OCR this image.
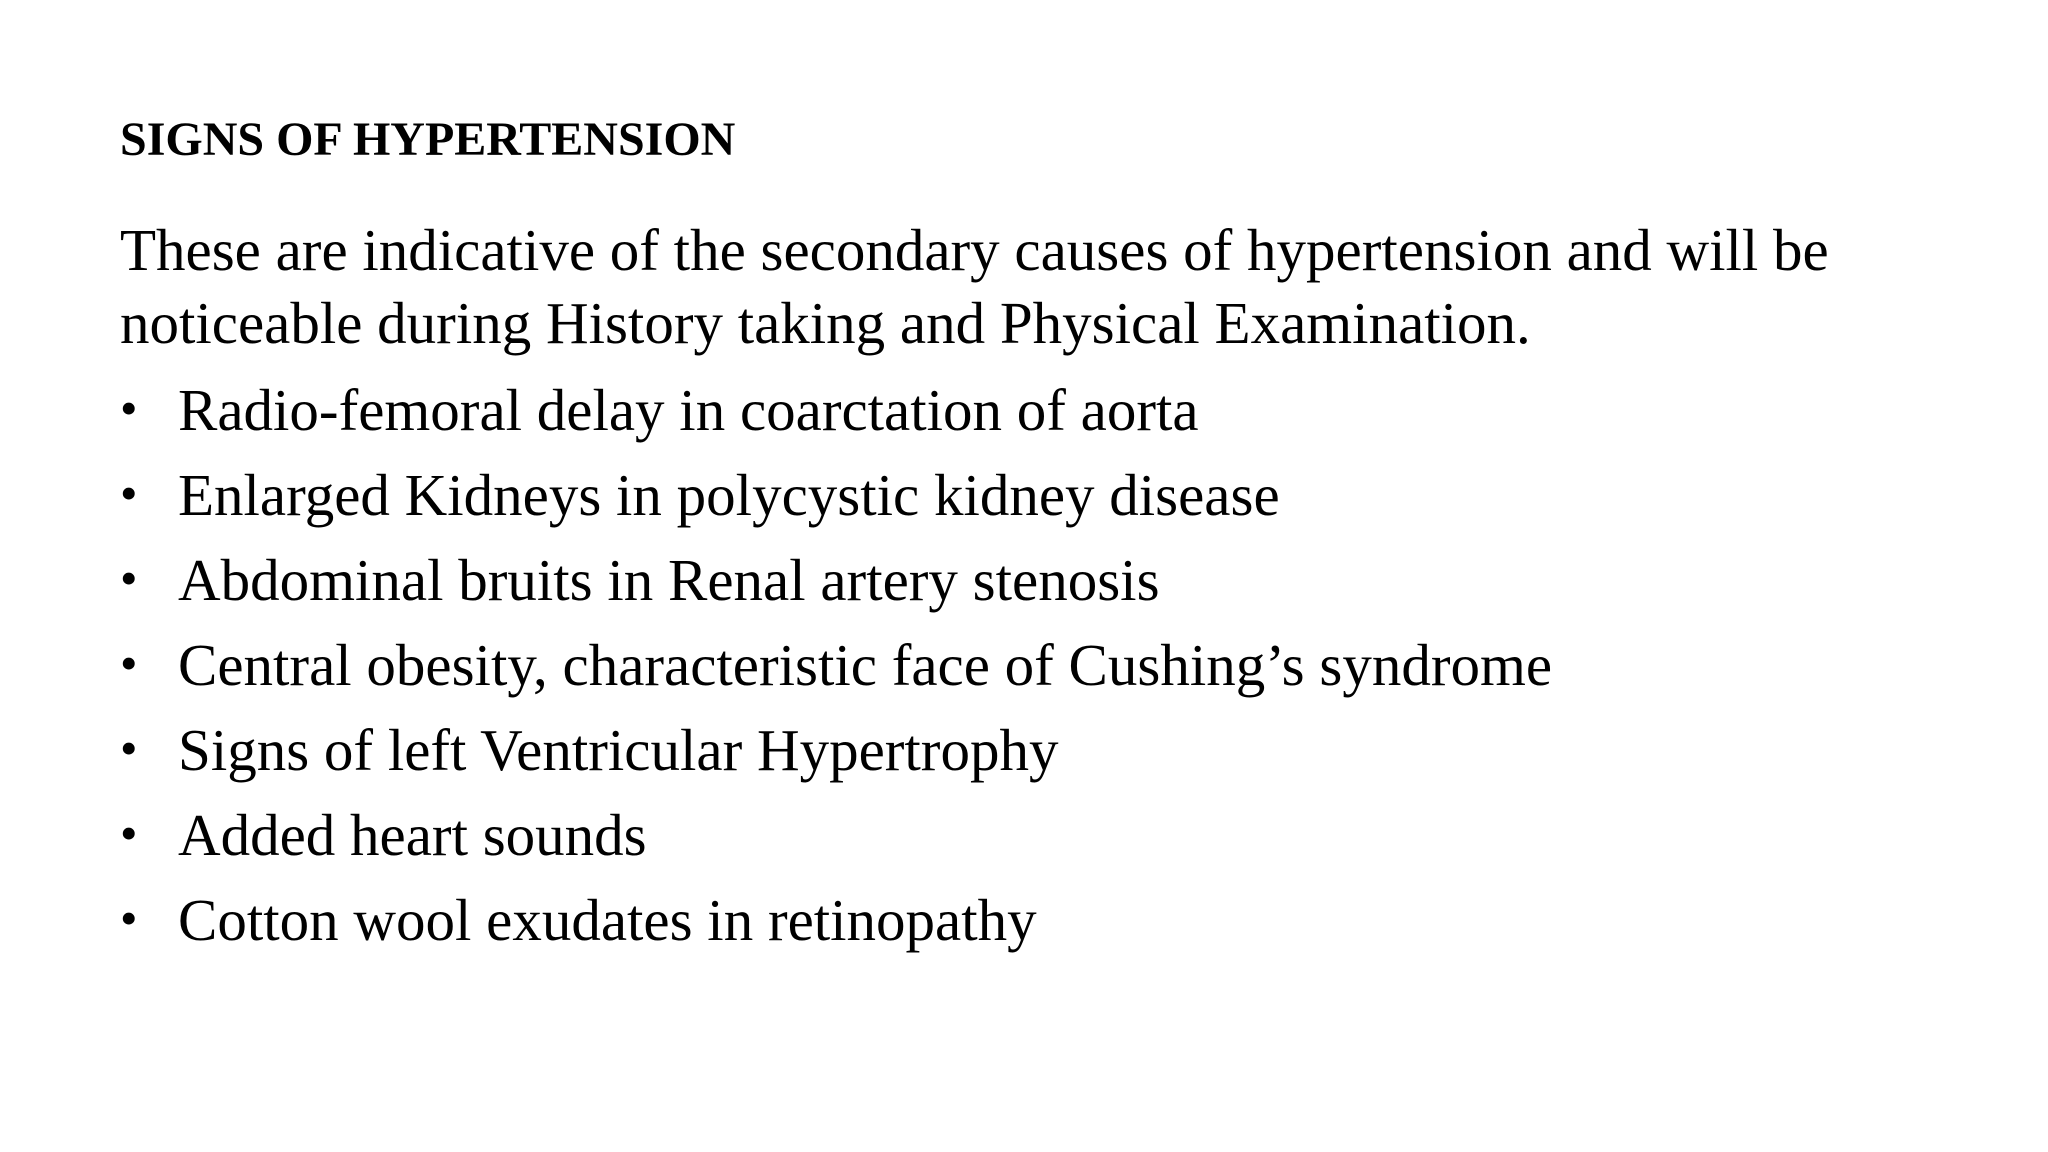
SIGNS OF HYPERTENSION

These are indicative of the secondary causes of hypertension and will be noticeable during History taking and Physical Examination.

• Radio-femoral delay in coarctation of aorta
• Enlarged Kidneys in polycystic kidney disease
• Abdominal bruits in Renal artery stenosis
• Central obesity, characteristic face of Cushing’s syndrome
• Signs of left Ventricular Hypertrophy
• Added heart sounds
• Cotton wool exudates in retinopathy
